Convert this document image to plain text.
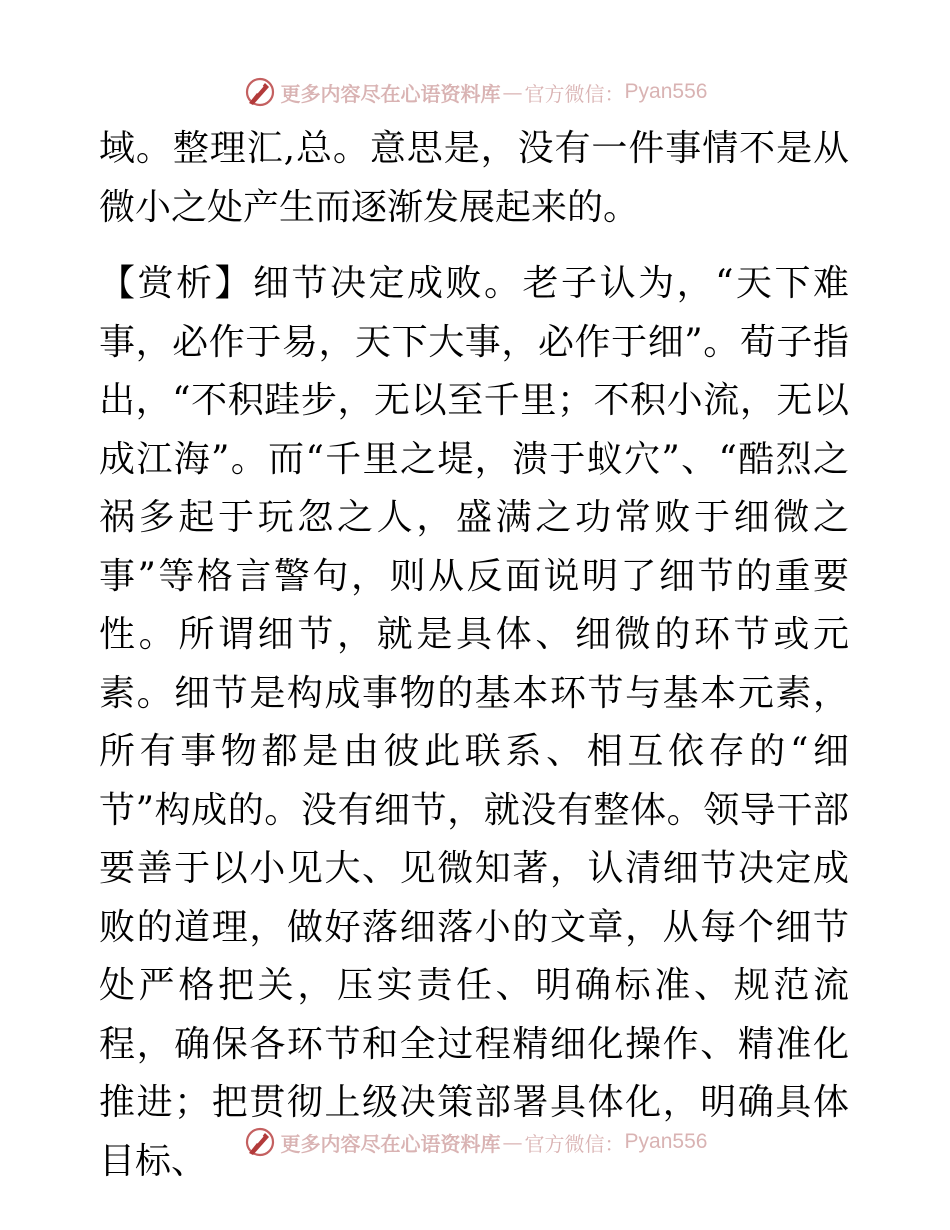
更多内容尽在心语资料库 — 官方微信： Pyan556

域。整理汇,总。意思是，没有一件事情不是从微小之处产生而逐渐发展起来的。

【赏析】细节决定成败。老子认为，“天下难事，必作于易，天下大事，必作于细”。荀子指出，“不积跬步，无以至千里；不积小流，无以成江海”。而“千里之堤，溃于蚁穴”、“酷烈之祸多起于玩忽之人，盛满之功常败于细微之事”等格言警句，则从反面说明了细节的重要性。所谓细节，就是具体、细微的环节或元素。细节是构成事物的基本环节与基本元素，所有事物都是由彼此联系、相互依存的“细节”构成的。没有细节，就没有整体。领导干部要善于以小见大、见微知著，认清细节决定成败的道理，做好落细落小的文章，从每个细节处严格把关，压实责任、明确标准、规范流程，确保各环节和全过程精细化操作、精准化推进；把贯彻上级决策部署具体化，明确具体目标、	更多内容尽在心语资料库 — 官方微信： Pyan556
